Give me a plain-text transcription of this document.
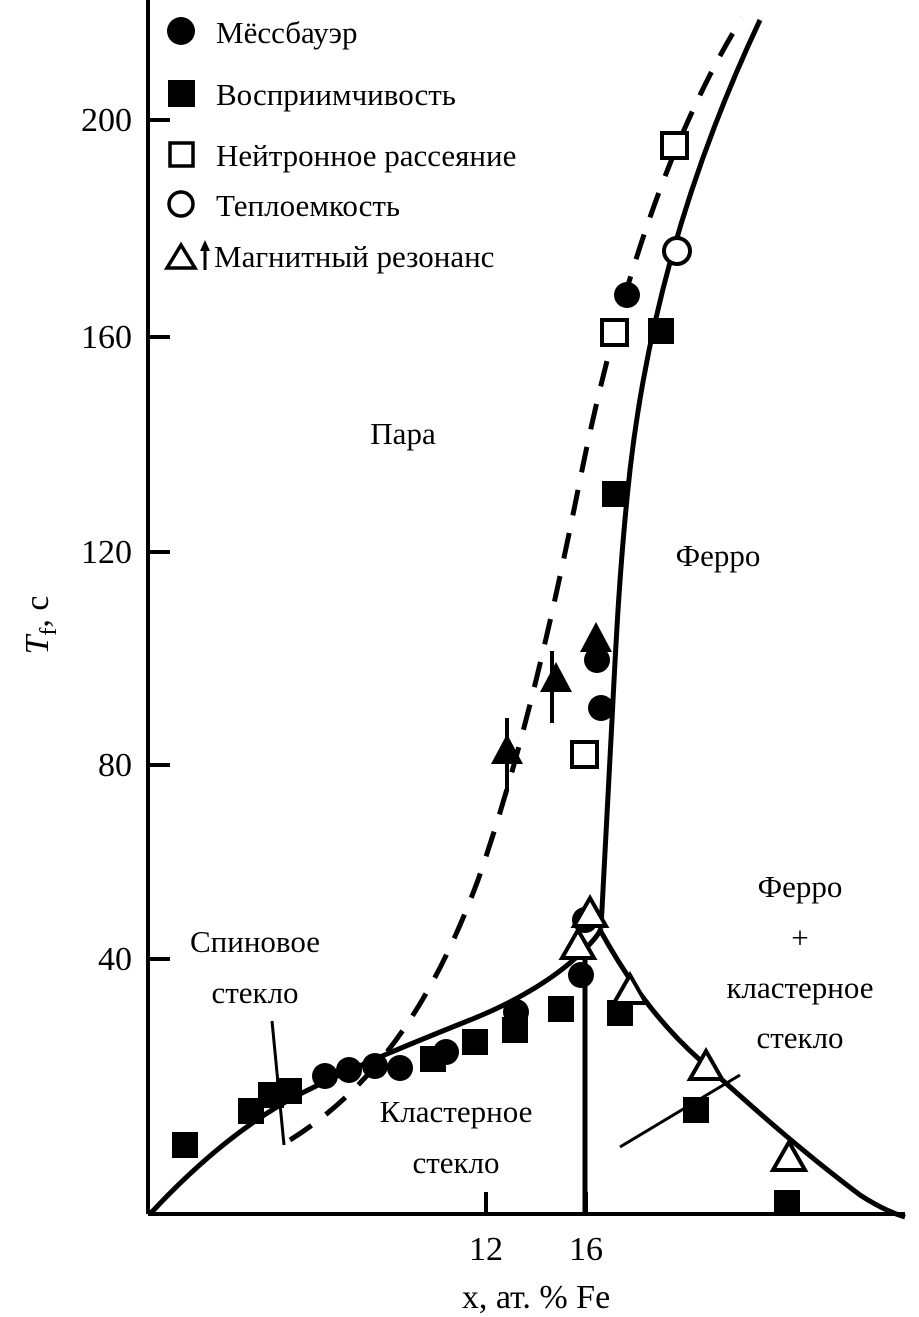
200
160
120
80
40
12 16
x, ат. % Fe
$T_f$, с
Мёссбауэр
Восприимчивость
Нейтронное рассеяние
Теплоемкость
Магнитный резонанс
Пара
Ферро
Ферро
+
кластерное
стекло
Спиновое
стекло
Кластерное
стекло
